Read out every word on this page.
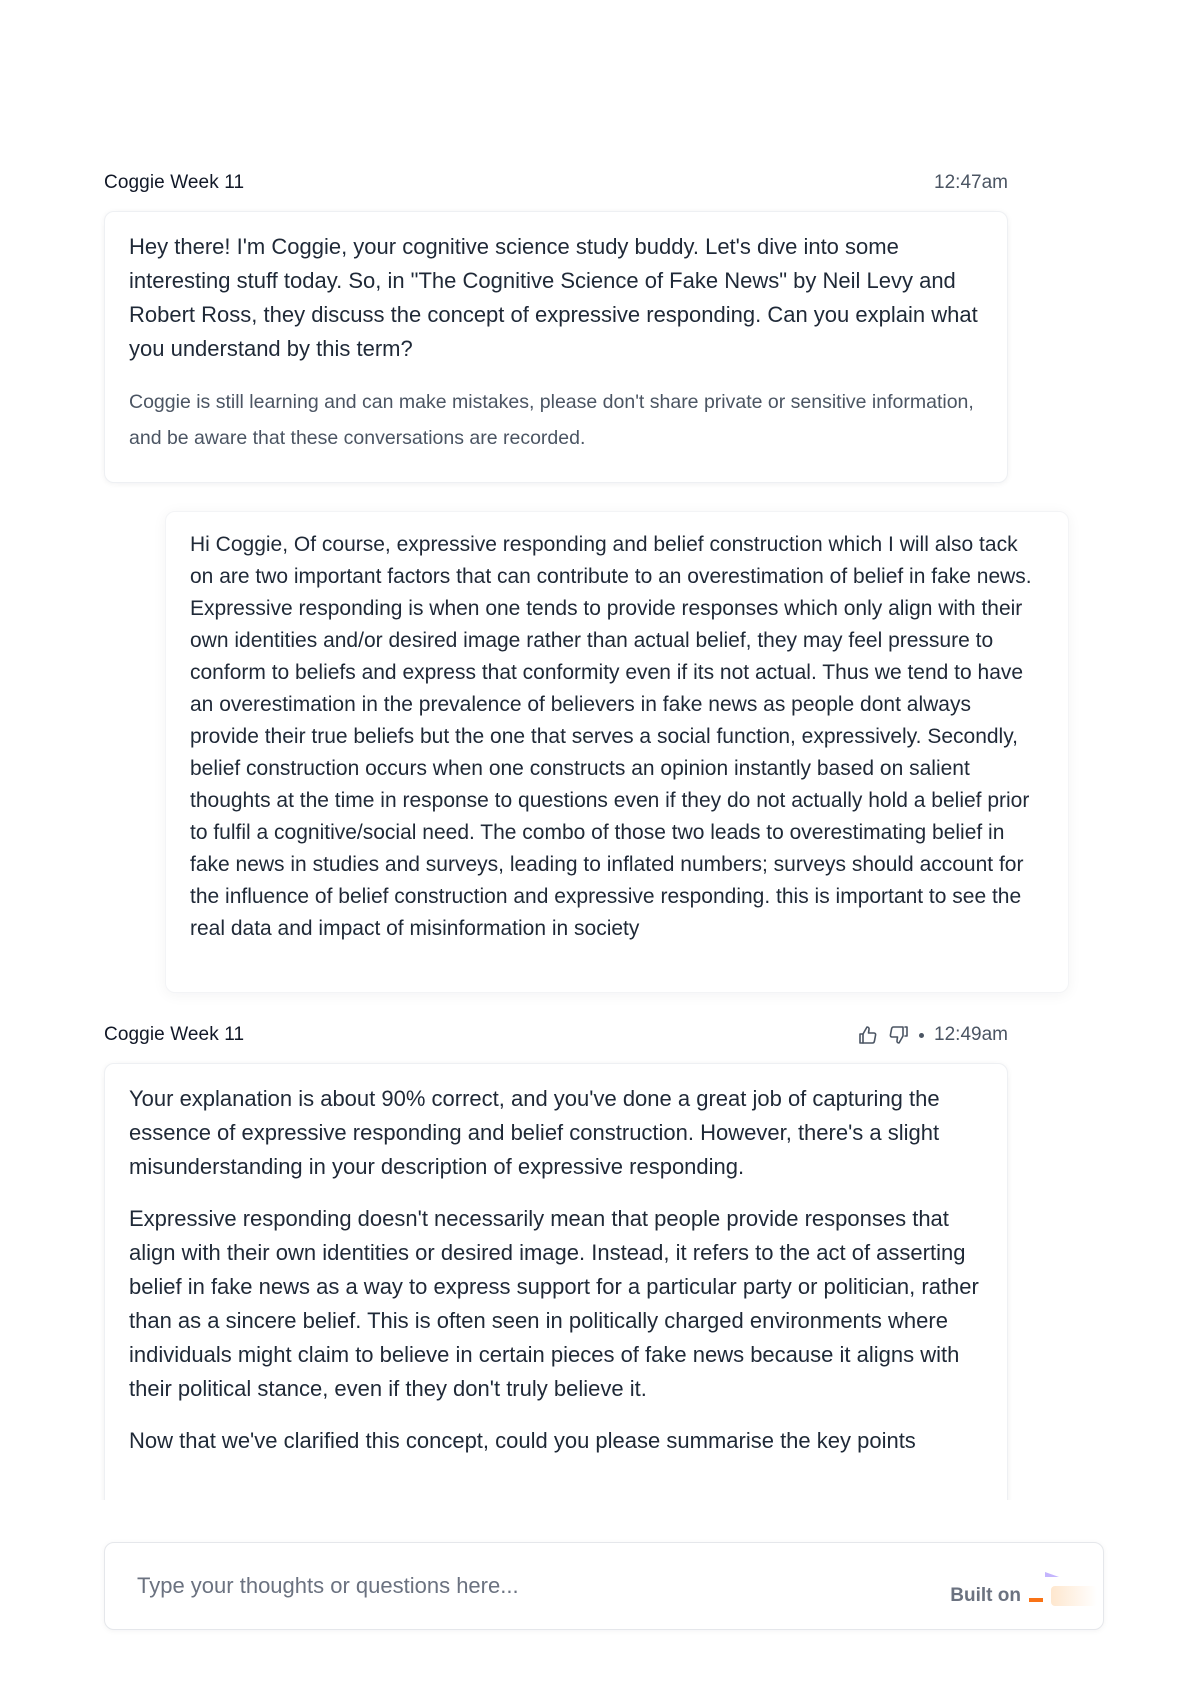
Coggie Week 11	12:47am

Hey there! I'm Coggie, your cognitive science study buddy. Let's dive into some interesting stuff today. So, in "The Cognitive Science of Fake News" by Neil Levy and Robert Ross, they discuss the concept of expressive responding. Can you explain what you understand by this term?

Coggie is still learning and can make mistakes, please don't share private or sensitive information, and be aware that these conversations are recorded.

Hi Coggie, Of course, expressive responding and belief construction which I will also tack on are two important factors that can contribute to an overestimation of belief in fake news. Expressive responding is when one tends to provide responses which only align with their own identities and/or desired image rather than actual belief, they may feel pressure to conform to beliefs and express that conformity even if its not actual. Thus we tend to have an overestimation in the prevalence of believers in fake news as people dont always provide their true beliefs but the one that serves a social function, expressively. Secondly, belief construction occurs when one constructs an opinion instantly based on salient thoughts at the time in response to questions even if they do not actually hold a belief prior to fulfil a cognitive/social need. The combo of those two leads to overestimating belief in fake news in studies and surveys, leading to inflated numbers; surveys should account for the influence of belief construction and expressive responding. this is important to see the real data and impact of misinformation in society

Coggie Week 11	12:49am

Your explanation is about 90% correct, and you've done a great job of capturing the essence of expressive responding and belief construction. However, there's a slight misunderstanding in your description of expressive responding.

Expressive responding doesn't necessarily mean that people provide responses that align with their own identities or desired image. Instead, it refers to the act of asserting belief in fake news as a way to express support for a particular party or politician, rather than as a sincere belief. This is often seen in politically charged environments where individuals might claim to believe in certain pieces of fake news because it aligns with their political stance, even if they don't truly believe it.

Now that we've clarified this concept, could you please summarise the key points

Type your thoughts or questions here...
Built on
